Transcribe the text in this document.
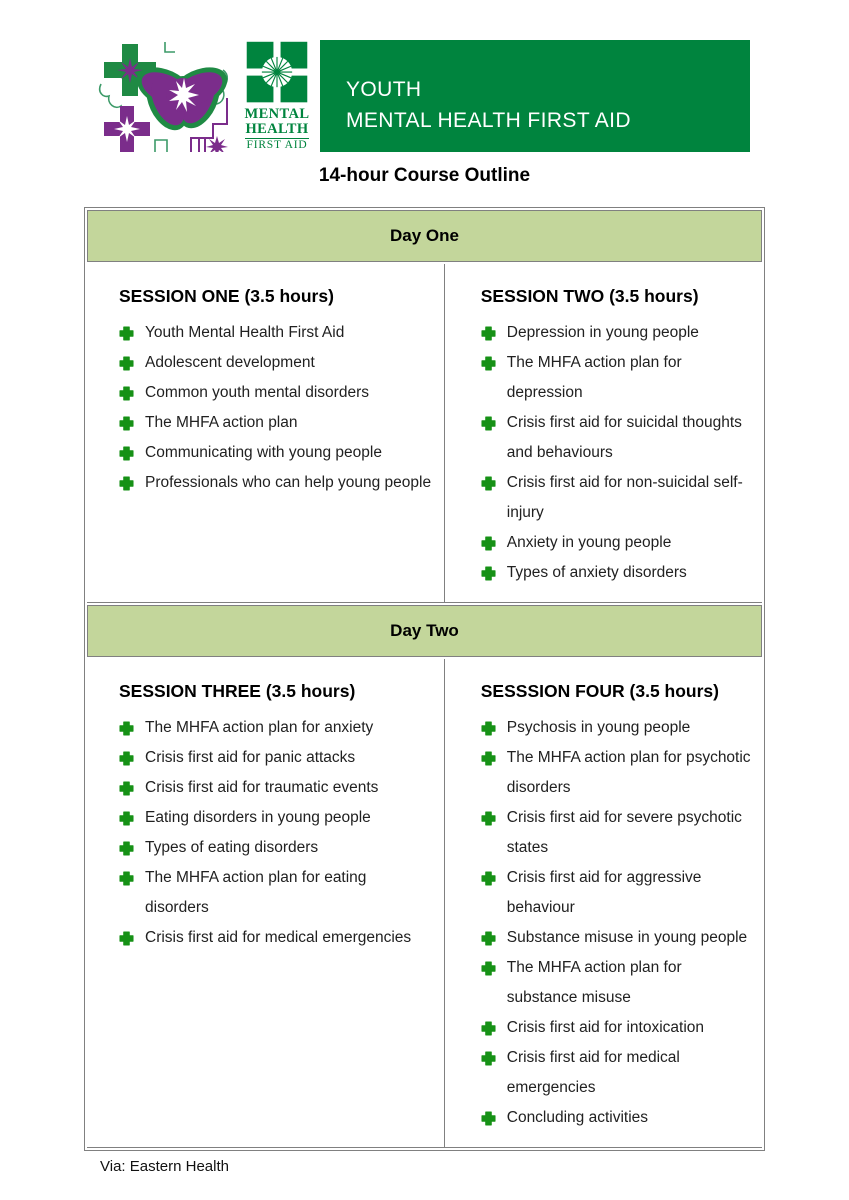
MENTAL
HEALTH
FIRST AID
YOUTH
MENTAL HEALTH FIRST AID
14-hour Course Outline
Day One
SESSION ONE (3.5 hours)
Youth Mental Health First Aid
Adolescent development
Common youth mental disorders
The MHFA action plan
Communicating with young people
Professionals who can help young people
SESSION TWO (3.5 hours)
Depression in young people
The MHFA action plan for depression
Crisis first aid for suicidal thoughts and behaviours
Crisis first aid for non-suicidal self-injury
Anxiety in young people
Types of anxiety disorders
Day Two
SESSION THREE (3.5 hours)
The MHFA action plan for anxiety
Crisis first aid for panic attacks
Crisis first aid for traumatic events
Eating disorders in young people
Types of eating disorders
The MHFA action plan for eating disorders
Crisis first aid for medical emergencies
SESSSION FOUR (3.5 hours)
Psychosis in young people
The MHFA action plan for psychotic disorders
Crisis first aid for severe psychotic states
Crisis first aid for aggressive behaviour
Substance misuse in young people
The MHFA action plan for substance misuse
Crisis first aid for intoxication
Crisis first aid for medical emergencies
Concluding activities
Via: Eastern Health
